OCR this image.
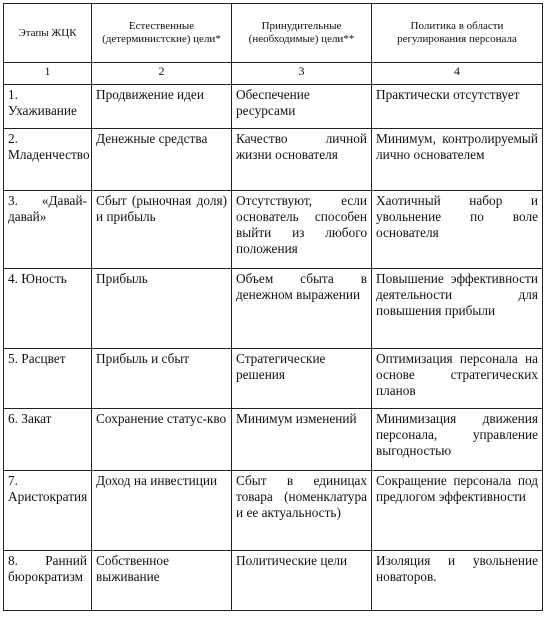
Этапы ЖЦК	Естественные (детерминистские) цели*	Принудительные (необходимые) цели**	Политика в области регулирования персонала
1	2	3	4
1. Ухаживание	Продвижение идеи	Обеспечение ресурсами	Практически отсутствует
2. Младенчество	Денежные средства	Качество личной жизни основателя	Минимум, контролируемый лично основателем
3. «Давай-давай»	Сбыт (рыночная доля) и прибыль	Отсутствуют, если основатель способен выйти из любого положения	Хаотичный набор и увольнение по воле основателя
4. Юность	Прибыль	Объем сбыта в денежном выражении	Повышение эффективности деятельности для повышения прибыли
5. Расцвет	Прибыль и сбыт	Стратегические решения	Оптимизация персонала на основе стратегических планов
6. Закат	Сохранение статус-кво	Минимум изменений	Минимизация движения персонала, управление выгодностью
7. Аристократия	Доход на инвестиции	Сбыт в единицах товара (номенклатура и ее актуальность)	Сокращение персонала под предлогом эффективности
8. Ранний бюрократизм	Собственное выживание	Политические цели	Изоляция и увольнение новаторов.
